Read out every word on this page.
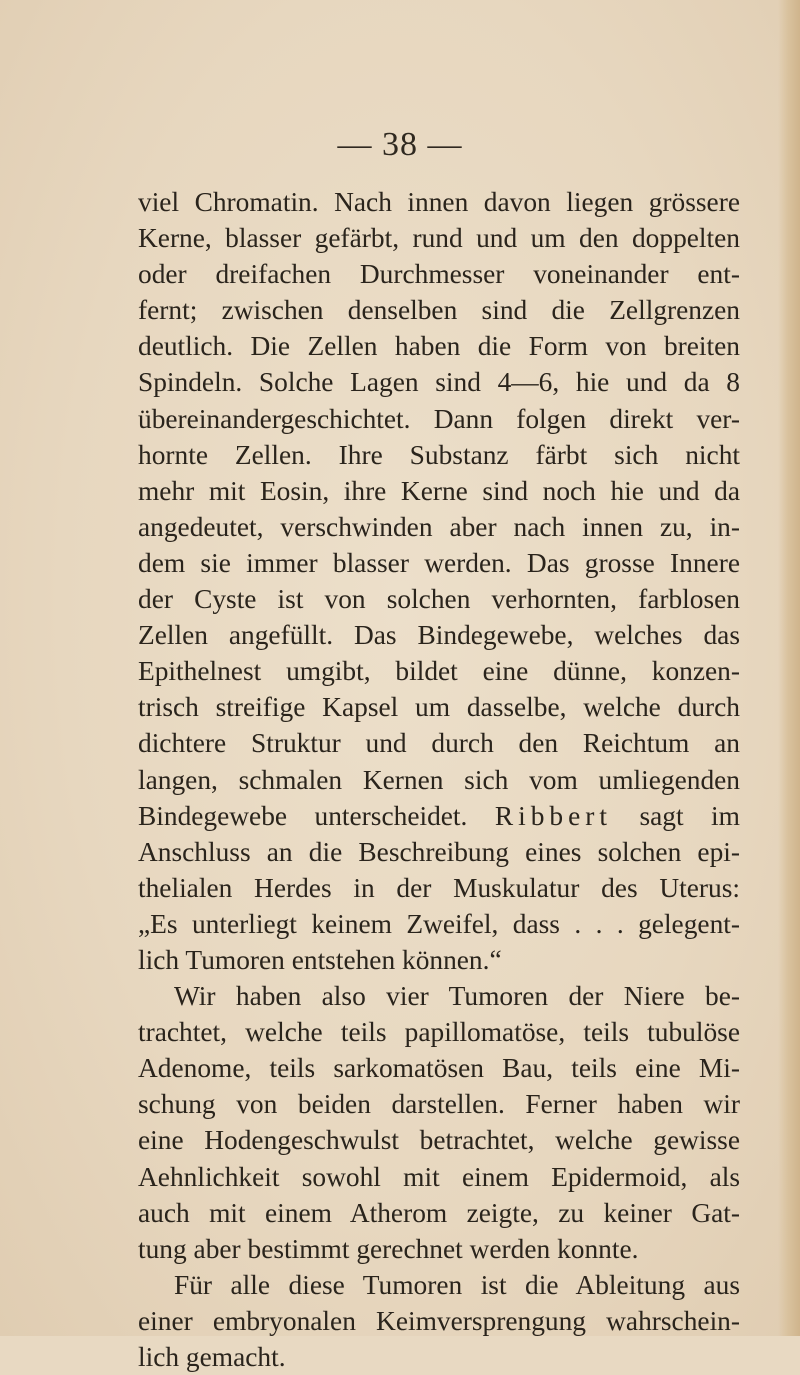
— 38 —
viel Chromatin. Nach innen davon liegen grössere
Kerne, blasser gefärbt, rund und um den doppelten
oder dreifachen Durchmesser voneinander ent-
fernt; zwischen denselben sind die Zellgrenzen
deutlich. Die Zellen haben die Form von breiten
Spindeln. Solche Lagen sind 4—6, hie und da 8
übereinandergeschichtet. Dann folgen direkt ver-
hornte Zellen. Ihre Substanz färbt sich nicht
mehr mit Eosin, ihre Kerne sind noch hie und da
angedeutet, verschwinden aber nach innen zu, in-
dem sie immer blasser werden. Das grosse Innere
der Cyste ist von solchen verhornten, farblosen
Zellen angefüllt. Das Bindegewebe, welches das
Epithelnest umgibt, bildet eine dünne, konzen-
trisch streifige Kapsel um dasselbe, welche durch
dichtere Struktur und durch den Reichtum an
langen, schmalen Kernen sich vom umliegenden
Bindegewebe unterscheidet. Ribbert sagt im
Anschluss an die Beschreibung eines solchen epi-
thelialen Herdes in der Muskulatur des Uterus:
„Es unterliegt keinem Zweifel, dass . . . gelegent-
lich Tumoren entstehen können.“
Wir haben also vier Tumoren der Niere be-
trachtet, welche teils papillomatöse, teils tubulöse
Adenome, teils sarkomatösen Bau, teils eine Mi-
schung von beiden darstellen. Ferner haben wir
eine Hodengeschwulst betrachtet, welche gewisse
Aehnlichkeit sowohl mit einem Epidermoid, als
auch mit einem Atherom zeigte, zu keiner Gat-
tung aber bestimmt gerechnet werden konnte.
Für alle diese Tumoren ist die Ableitung aus
einer embryonalen Keimversprengung wahrschein-
lich gemacht.
